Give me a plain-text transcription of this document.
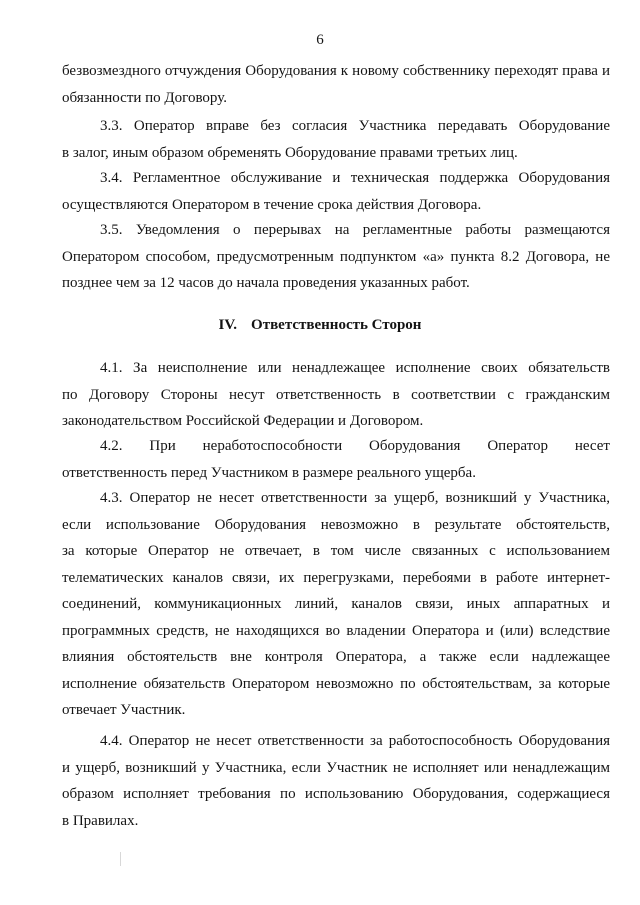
6
безвозмездного отчуждения Оборудования к новому собственнику переходят права и
обязанности по Договору.
3.3. Оператор вправе без согласия Участника передавать Оборудование
в залог, иным образом обременять Оборудование правами третьих лиц.
3.4. Регламентное обслуживание и техническая поддержка Оборудования
осуществляются Оператором в течение срока действия Договора.
3.5. Уведомления о перерывах на регламентные работы размещаются
Оператором способом, предусмотренным подпунктом «а» пункта 8.2 Договора, не
позднее чем за 12 часов до начала проведения указанных работ.
IV. Ответственность Сторон
4.1. За неисполнение или ненадлежащее исполнение своих обязательств
по Договору Стороны несут ответственность в соответствии с гражданским
законодательством Российской Федерации и Договором.
4.2. При неработоспособности Оборудования Оператор несет
ответственность перед Участником в размере реального ущерба.
4.3. Оператор не несет ответственности за ущерб, возникший у Участника,
если использование Оборудования невозможно в результате обстоятельств,
за которые Оператор не отвечает, в том числе связанных с использованием
телематических каналов связи, их перегрузками, перебоями в работе интернет-
соединений, коммуникационных линий, каналов связи, иных аппаратных и
программных средств, не находящихся во владении Оператора и (или) вследствие
влияния обстоятельств вне контроля Оператора, а также если надлежащее
исполнение обязательств Оператором невозможно по обстоятельствам, за которые
отвечает Участник.
4.4. Оператор не несет ответственности за работоспособность Оборудования
и ущерб, возникший у Участника, если Участник не исполняет или ненадлежащим
образом исполняет требования по использованию Оборудования, содержащиеся
в Правилах.
